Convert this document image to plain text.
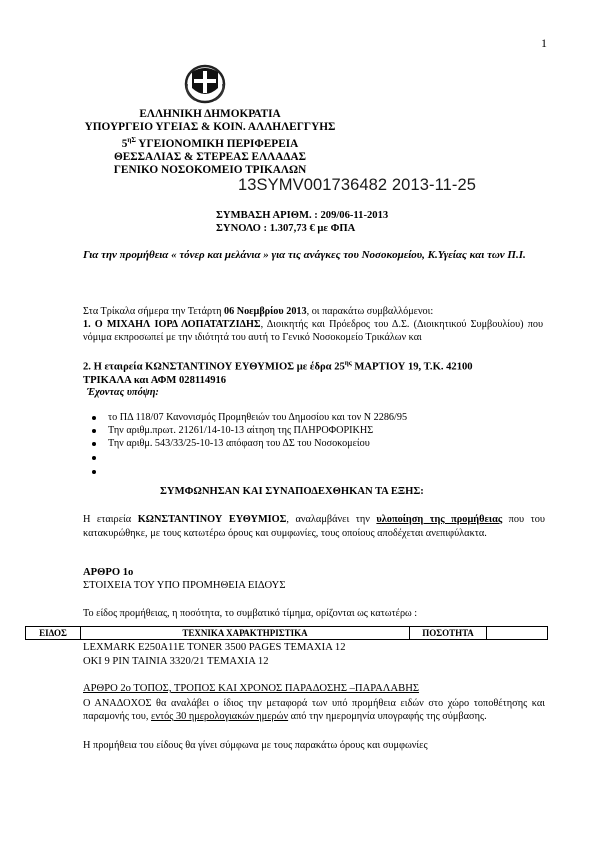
1
ΕΛΛΗΝΙΚΗ ΔΗΜΟΚΡΑΤΙΑ
ΥΠΟΥΡΓΕΙΟ ΥΓΕΙΑΣ & ΚΟΙΝ. ΑΛΛΗΛΕΓΓΥΗΣ
$5^{\eta\Sigma}$ ΥΓΕΙΟΝΟΜΙΚΗ ΠΕΡΙΦΕΡΕΙΑ
ΘΕΣΣΑΛΙΑΣ & ΣΤΕΡΕΑΣ ΕΛΛΑΔΑΣ
ΓΕΝΙΚΟ ΝΟΣΟΚΟΜΕΙΟ ΤΡΙΚΑΛΩΝ
13SYMV001736482 2013-11-25
ΣΥΜΒΑΣΗ ΑΡΙΘΜ. : 209/06-11-2013
ΣΥΝΟΛΟ : 1.307,73 € με ΦΠΑ
Για την προμήθεια « τόνερ και μελάνια » για τις ανάγκες του Νοσοκομείου, Κ.Υγείας και των Π.Ι.
Στα Τρίκαλα σήμερα την Τετάρτη 06 Νοεμβρίου 2013, οι παρακάτω συμβαλλόμενοι:
1. Ο ΜΙΧΑΗΛ ΙΟΡΔ ΛΟΠΑΤΑΤΖΙΔΗΣ, Διοικητής και Πρόεδρος του Δ.Σ. (Διοικητικού Συμβουλίου) που νόμιμα εκπροσωπεί με την ιδιότητά του αυτή το Γενικό Νοσοκομείο Τρικάλων και
2. Η εταιρεία ΚΩΝΣΤΑΝΤΙΝΟΥ ΕΥΘΥΜΙΟΣ με έδρα $25^{\eta\varsigma}$ ΜΑΡΤΙΟΥ 19, Τ.Κ. 42100
ΤΡΙΚΑΛΑ και ΑΦΜ 028114916
Έχοντας υπόψη:
το ΠΔ 118/07 Κανονισμός Προμηθειών του Δημοσίου και τον Ν 2286/95
Την αριθμ.πρωτ. 21261/14-10-13 αίτηση της ΠΛΗΡΟΦΟΡΙΚΗΣ
Την αριθμ. 543/33/25-10-13 απόφαση του ΔΣ του Νοσοκομείου
ΣΥΜΦΩΝΗΣΑΝ ΚΑΙ ΣΥΝΑΠΟΔΕΧΘΗΚΑΝ ΤΑ ΕΞΗΣ:
Η εταιρεία ΚΩΝΣΤΑΝΤΙΝΟΥ ΕΥΘΥΜΙΟΣ, αναλαμβάνει την υλοποίηση της προμήθειας που του κατακυρώθηκε, με τους κατωτέρω όρους και συμφωνίες, τους οποίους αποδέχεται ανεπιφύλακτα.
ΑΡΘΡΟ 1ο
ΣΤΟΙΧΕΙΑ ΤΟΥ ΥΠΟ ΠΡΟΜΗΘΕΙΑ ΕΙΔΟΥΣ
Το είδος προμήθειας, η ποσότητα, το συμβατικό τίμημα, ορίζονται ως κατωτέρω :
ΕΙΔΟΣ	ΤΕΧΝΙΚΑ ΧΑΡΑΚΤΗΡΙΣΤΙΚΑ	ΠΟΣΟΤΗΤΑ
LEXMARK E250A11E TONER 3500 PAGES ΤΕΜΑΧΙΑ 12
OKI 9 PIN TAINIA 3320/21 ΤΕΜΑΧΙΑ 12
ΑΡΘΡΟ 2ο ΤΟΠΟΣ, ΤΡΟΠΟΣ ΚΑΙ ΧΡΟΝΟΣ ΠΑΡΑΔΟΣΗΣ –ΠΑΡΑΛΑΒΗΣ
Ο ΑΝΑΔΟΧΟΣ θα αναλάβει ο ίδιος την μεταφορά των υπό προμήθεια ειδών στο χώρο τοποθέτησης και παραμονής του, εντός 30 ημερολογιακών ημερών από την ημερομηνία υπογραφής της σύμβασης.
Η προμήθεια του είδους θα γίνει σύμφωνα με τους παρακάτω όρους και συμφωνίες
